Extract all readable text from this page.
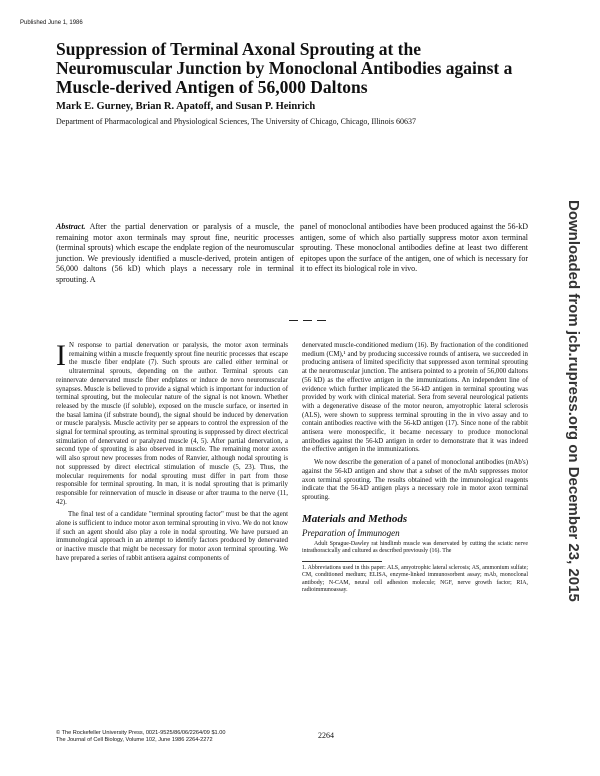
Published June 1, 1986
Suppression of Terminal Axonal Sprouting at the Neuromuscular Junction by Monoclonal Antibodies against a Muscle-derived Antigen of 56,000 Daltons
Mark E. Gurney, Brian R. Apatoff, and Susan P. Heinrich
Department of Pharmacological and Physiological Sciences, The University of Chicago, Chicago, Illinois 60637
Abstract. After the partial denervation or paralysis of a muscle, the remaining motor axon terminals may sprout fine, neuritic processes (terminal sprouts) which escape the endplate region of the neuromuscular junction. We previously identified a muscle-derived, protein antigen of 56,000 daltons (56 kD) which plays a necessary role in terminal sprouting. A
panel of monoclonal antibodies have been produced against the 56-kD antigen, some of which also partially suppress motor axon terminal sprouting. These monoclonal antibodies define at least two different epitopes upon the surface of the antigen, one of which is necessary for it to effect its biological role in vivo.

I N response to partial denervation or paralysis, the motor axon terminals remaining within a muscle frequently sprout fine neuritic processes that escape the muscle fiber endplate (7). Such sprouts are called either terminal or ultraterminal sprouts, depending on the author. Terminal sprouts can reinnervate denervated muscle fiber endplates or induce de novo neuromuscular synapses. Muscle is believed to provide a signal which is important for induction of terminal sprouting, but the molecular nature of the signal is not known. Whether released by the muscle (if soluble), exposed on the muscle surface, or inserted in the basal lamina (if substrate bound), the signal should be induced by denervation or muscle paralysis. Muscle activity per se appears to control the expression of the signal for terminal sprouting, as terminal sprouting is suppressed by direct electrical stimulation of denervated or paralyzed muscle (4, 5). After partial denervation, a second type of sprouting is also observed in muscle. The remaining motor axons will also sprout new processes from nodes of Ranvier, although nodal sprouting is not suppressed by direct electrical stimulation of muscle (5, 23). Thus, the molecular requirements for nodal sprouting must differ in part from those responsible for terminal sprouting. In man, it is nodal sprouting that is primarily responsible for reinnervation of muscle in disease or after trauma to the nerve (11, 42).

The final test of a candidate "terminal sprouting factor" must be that the agent alone is sufficient to induce motor axon terminal sprouting in vivo. We do not know if such an agent should also play a role in nodal sprouting. We have pursued an immunological approach in an attempt to identify factors produced by denervated or inactive muscle that might be necessary for motor axon terminal sprouting. We have prepared a series of rabbit antisera against components of

denervated muscle-conditioned medium (16). By fractionation of the conditioned medium (CM),¹ and by producing successive rounds of antisera, we succeeded in producing antisera of limited specificity that suppressed axon terminal sprouting at the neuromuscular junction. The antisera pointed to a protein of 56,000 daltons (56 kD) as the effective antigen in the immunizations. An independent line of evidence which further implicated the 56-kD antigen in terminal sprouting was provided by work with clinical material. Sera from several neurological patients with a degenerative disease of the motor neuron, amyotrophic lateral sclerosis (ALS), were shown to suppress terminal sprouting in the in vivo assay and to contain antibodies reactive with the 56-kD antigen (17). Since none of the rabbit antisera were monospecific, it became necessary to produce monoclonal antibodies against the 56-kD antigen in order to demonstrate that it was indeed the effective antigen in the immunizations.

We now describe the generation of a panel of monoclonal antibodies (mAb's) against the 56-kD antigen and show that a subset of the mAb suppresses motor axon terminal sprouting. The results obtained with the immunological reagents indicate that the 56-kD antigen plays a necessary role in motor axon terminal sprouting.

Materials and Methods
Preparation of Immunogen

Adult Sprague-Dawley rat hindlimb muscle was denervated by cutting the sciatic nerve intrathoracically and cultured as described previously (16). The

1. Abbreviations used in this paper: ALS, amyotrophic lateral sclerosis; AS, ammonium sulfate; CM, conditioned medium; ELISA, enzyme-linked immunosorbent assay; mAb, monoclonal antibody; N-CAM, neural cell adhesion molecule; NGF, nerve growth factor; RIA, radioimmunoassay.

© The Rockefeller University Press, 0021-9525/86/06/2264/09 $1.00
The Journal of Cell Biology, Volume 102, June 1986 2264-2272	2264
Downloaded from jcb.rupress.org on December 23, 2015
